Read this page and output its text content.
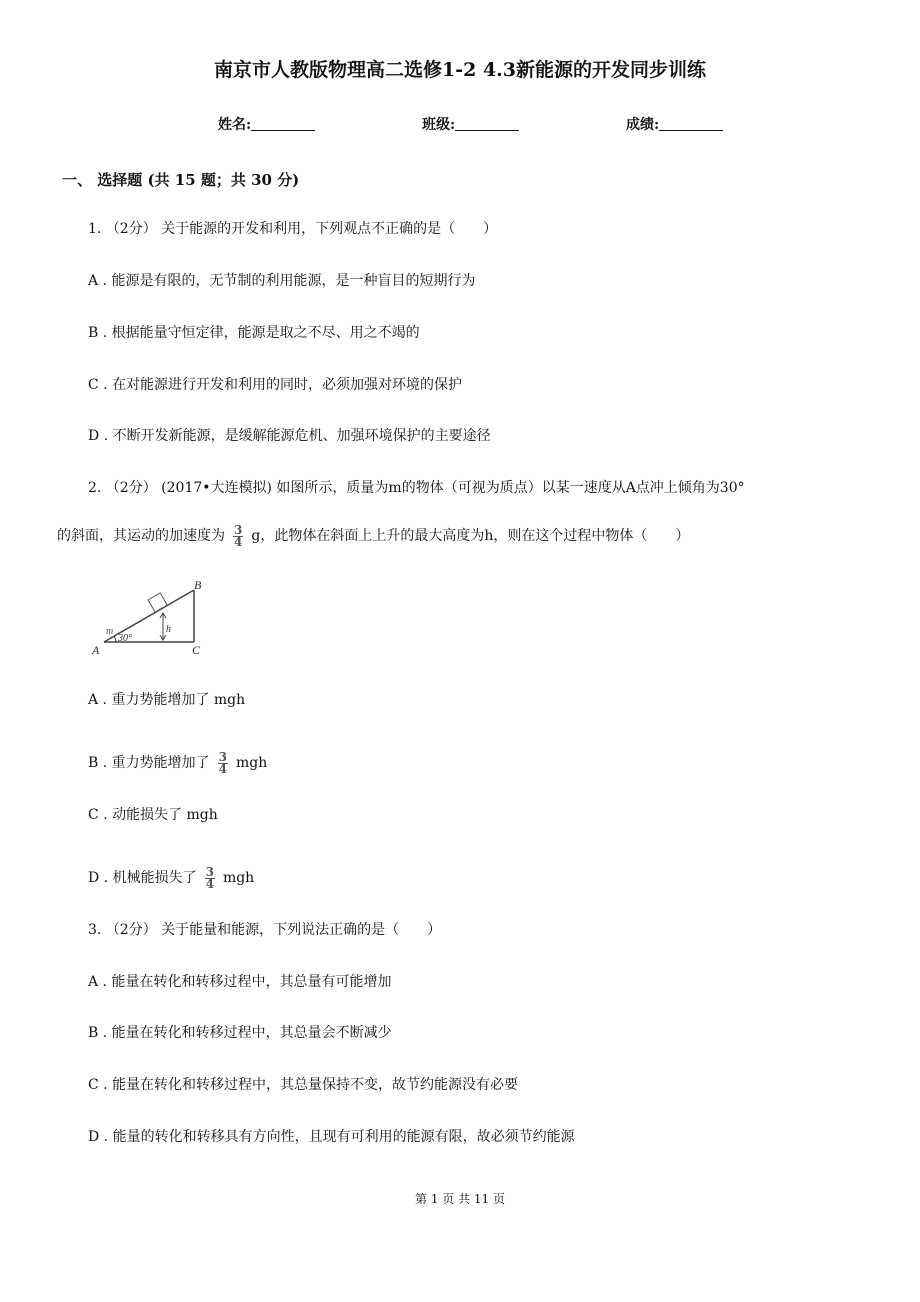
南京市人教版物理高二选修1-2 4.3新能源的开发同步训练
姓名:	班级:	成绩:
一、 选择题 (共 15 题；共 30 分)
1. （2分） 关于能源的开发和利用，下列观点不正确的是（　　）
A . 能源是有限的，无节制的利用能源，是一种盲目的短期行为
B . 根据能量守恒定律，能源是取之不尽、用之不竭的
C . 在对能源进行开发和利用的同时，必须加强对环境的保护
D . 不断开发新能源，是缓解能源危机、加强环境保护的主要途径
2. （2分） (2017•大连模拟) 如图所示，质量为m的物体（可视为质点）以某一速度从A点冲上倾角为30°
的斜面，其运动的加速度为 $\frac{3}{4}$ g，此物体在斜面上上升的最大高度为h，则在这个过程中物体（　　）
m
30°
h
A
B
C
A . 重力势能增加了 mgh
B . 重力势能增加了 $\frac{3}{4}$ mgh
C . 动能损失了 mgh
D . 机械能损失了 $\frac{3}{4}$ mgh
3. （2分） 关于能量和能源，下列说法正确的是（　　）
A . 能量在转化和转移过程中，其总量有可能增加
B . 能量在转化和转移过程中，其总量会不断减少
C . 能量在转化和转移过程中，其总量保持不变，故节约能源没有必要
D . 能量的转化和转移具有方向性，且现有可利用的能源有限，故必须节约能源
第 1 页 共 11 页
